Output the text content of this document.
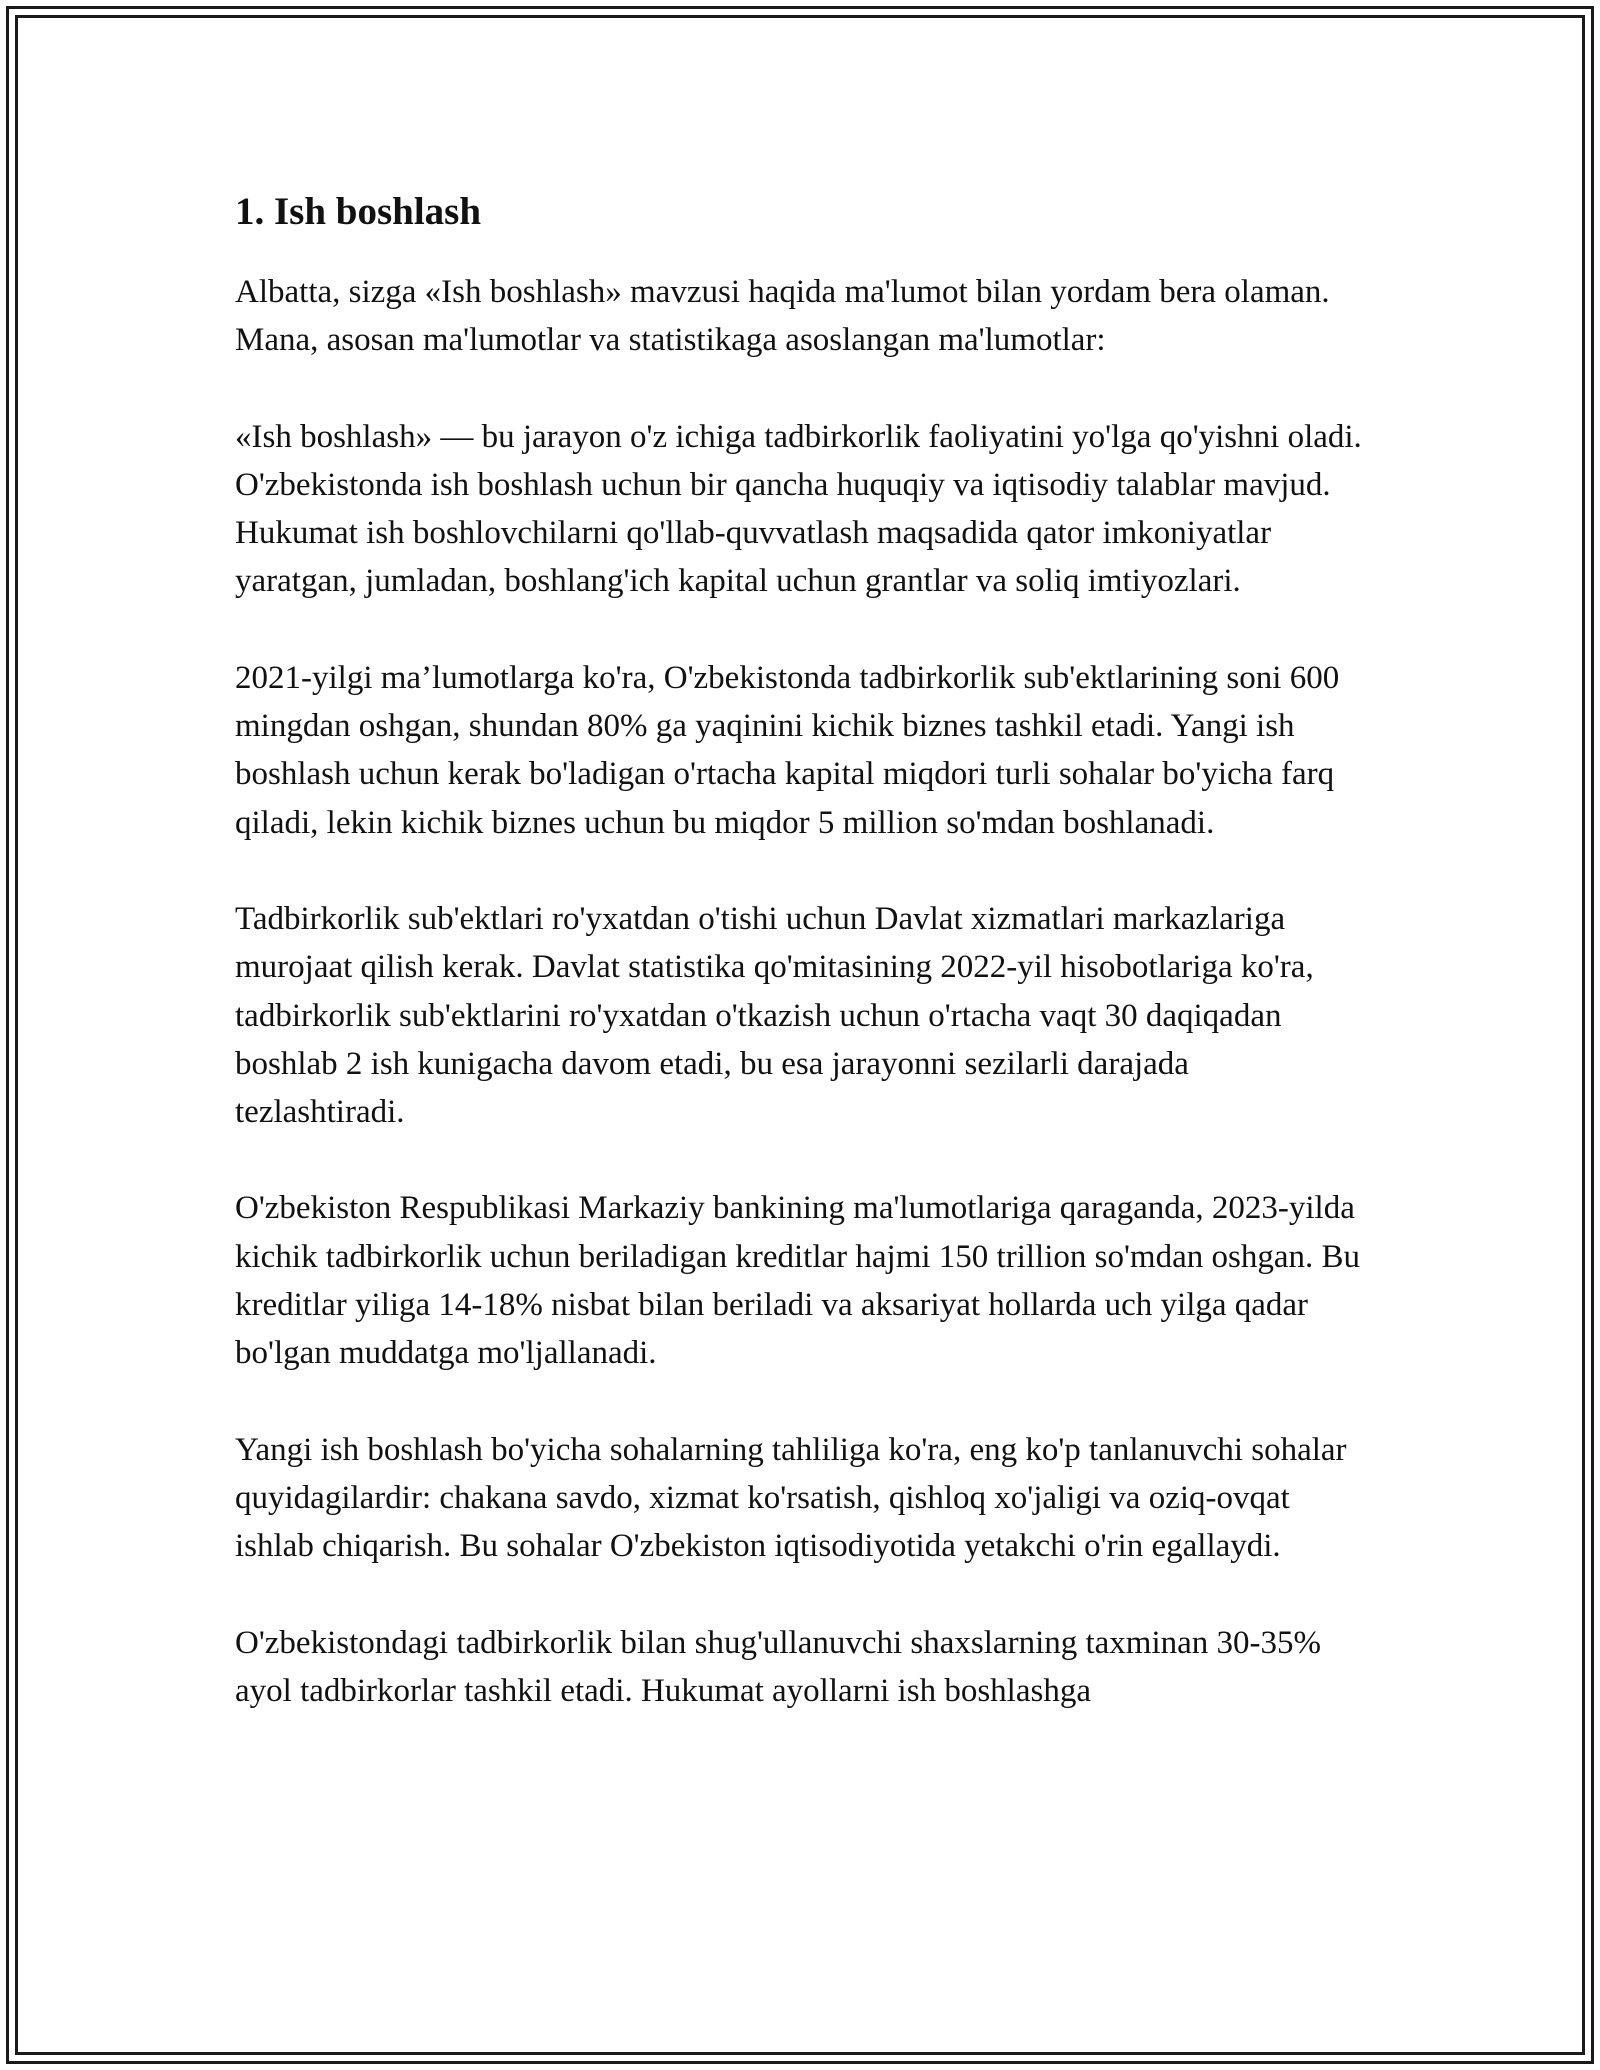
1. Ish boshlash

Albatta, sizga «Ish boshlash» mavzusi haqida ma'lumot bilan yordam bera olaman. Mana, asosan ma'lumotlar va statistikaga asoslangan ma'lumotlar:

«Ish boshlash» — bu jarayon o'z ichiga tadbirkorlik faoliyatini yo'lga qo'yishni oladi. O'zbekistonda ish boshlash uchun bir qancha huquqiy va iqtisodiy talablar mavjud. Hukumat ish boshlovchilarni qo'llab-quvvatlash maqsadida qator imkoniyatlar yaratgan, jumladan, boshlang'ich kapital uchun grantlar va soliq imtiyozlari.

2021-yilgi ma’lumotlarga ko'ra, O'zbekistonda tadbirkorlik sub'ektlarining soni 600 mingdan oshgan, shundan 80% ga yaqinini kichik biznes tashkil etadi. Yangi ish boshlash uchun kerak bo'ladigan o'rtacha kapital miqdori turli sohalar bo'yicha farq qiladi, lekin kichik biznes uchun bu miqdor 5 million so'mdan boshlanadi.

Tadbirkorlik sub'ektlari ro'yxatdan o'tishi uchun Davlat xizmatlari markazlariga murojaat qilish kerak. Davlat statistika qo'mitasining 2022-yil hisobotlariga ko'ra, tadbirkorlik sub'ektlarini ro'yxatdan o'tkazish uchun o'rtacha vaqt 30 daqiqadan boshlab 2 ish kunigacha davom etadi, bu esa jarayonni sezilarli darajada tezlashtiradi.

O'zbekiston Respublikasi Markaziy bankining ma'lumotlariga qaraganda, 2023-yilda kichik tadbirkorlik uchun beriladigan kreditlar hajmi 150 trillion so'mdan oshgan. Bu kreditlar yiliga 14-18% nisbat bilan beriladi va aksariyat hollarda uch yilga qadar bo'lgan muddatga mo'ljallanadi.

Yangi ish boshlash bo'yicha sohalarning tahliliga ko'ra, eng ko'p tanlanuvchi sohalar quyidagilardir: chakana savdo, xizmat ko'rsatish, qishloq xo'jaligi va oziq-ovqat ishlab chiqarish. Bu sohalar O'zbekiston iqtisodiyotida yetakchi o'rin egallaydi.

O'zbekistondagi tadbirkorlik bilan shug'ullanuvchi shaxslarning taxminan 30-35% ayol tadbirkorlar tashkil etadi. Hukumat ayollarni ish boshlashga
